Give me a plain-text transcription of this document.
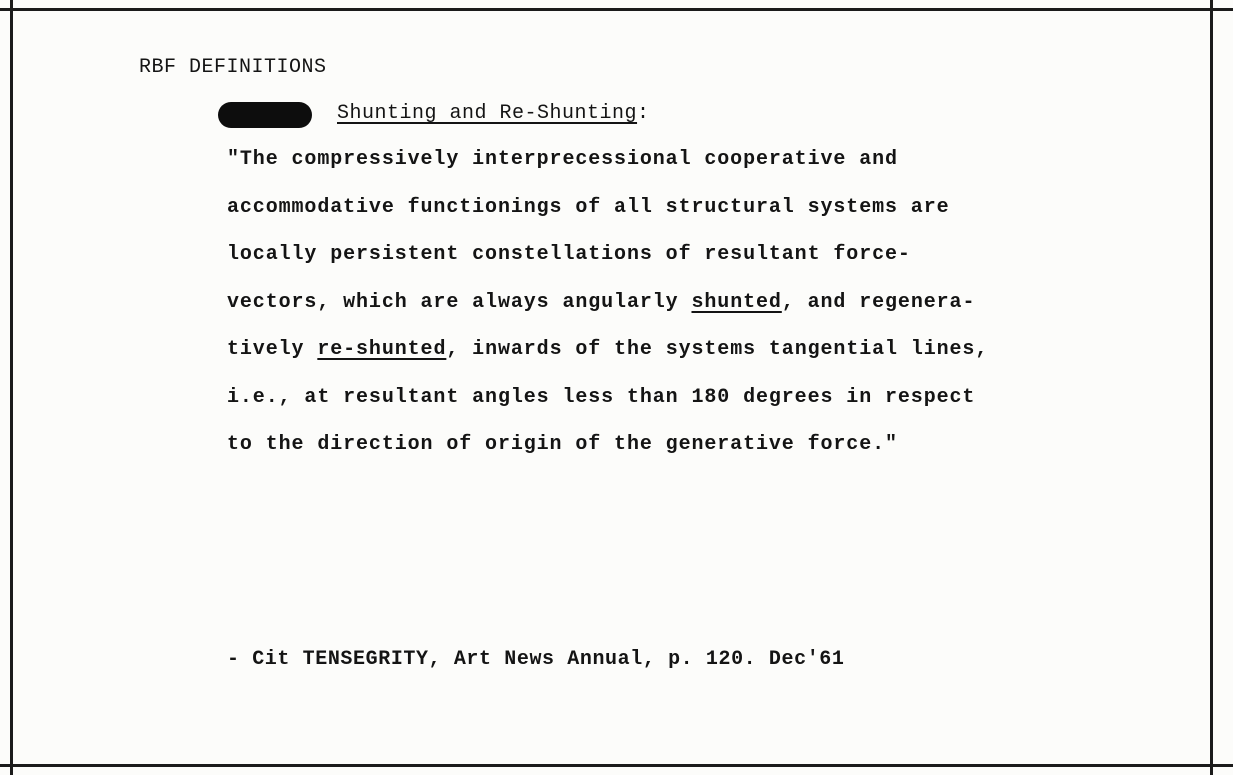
RBF DEFINITIONS
Shunting and Re-Shunting:
"The compressively interprecessional cooperative and
accommodative functionings of all structural systems are
locally persistent constellations of resultant force-
vectors, which are always angularly shunted, and regenera-
tively re-shunted, inwards of the systems tangential lines,
i.e., at resultant angles less than 180 degrees in respect
to the direction of origin of the generative force."
- Cit TENSEGRITY, Art News Annual, p. 120. Dec'61
